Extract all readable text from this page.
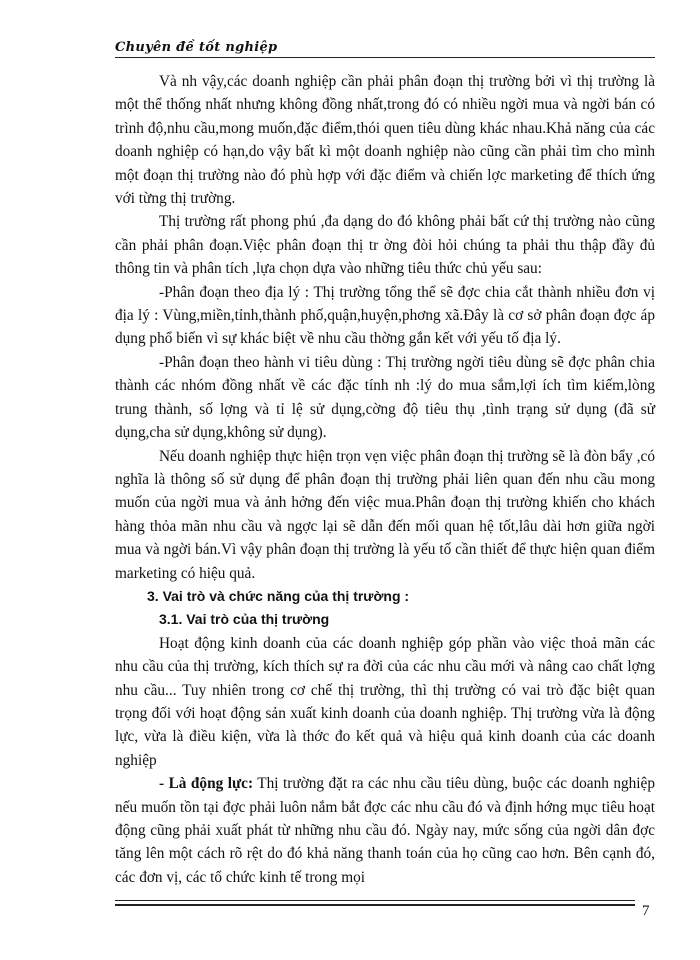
Chuyên đề tốt nghiệp

Và nh vậy,các doanh nghiệp cần phải phân đoạn thị trường bởi vì thị trường là một thể thống nhất nhưng không đồng nhất,trong đó có nhiều ngời mua và ngời bán có trình độ,nhu cầu,mong muốn,đặc điểm,thói quen tiêu dùng khác nhau.Khả năng của các doanh nghiệp có hạn,do vậy bất kì một doanh nghiệp nào cũng cần phải tìm cho mình một đoạn thị trường nào đó phù hợp với đặc điểm và chiến lợc marketing để thích ứng với từng thị trường.

Thị trường rất phong phú ,đa dạng do đó không phải bất cứ thị trường nào cũng cần phải phân đoạn.Việc phân đoạn thị tr ờng đòi hỏi chúng ta phải thu thập đầy đủ thông tin và phân tích ,lựa chọn dựa vào những tiêu thức chủ yếu sau:

-Phân đoạn theo địa lý : Thị trường tổng thể sẽ đợc chia cắt thành nhiều đơn vị địa lý : Vùng,miền,tỉnh,thành phố,quận,huyện,phơng xã.Đây là cơ sở phân đoạn đợc áp dụng phổ biến vì sự khác biệt về nhu cầu thờng gắn kết với yếu tố địa lý.

-Phân đoạn theo hành vi tiêu dùng : Thị trường ngời tiêu dùng sẽ đợc phân chia thành các nhóm đồng nhất về các đặc tính nh :lý do mua sắm,lợi ích tìm kiếm,lòng trung thành, số lợng và tỉ lệ sử dụng,cờng độ tiêu thụ ,tình trạng sử dụng (đã sử dụng,cha sử dụng,không sử dụng).

Nếu doanh nghiệp thực hiện trọn vẹn việc phân đoạn thị trường sẽ là đòn bẩy ,có nghĩa là thông số sử dụng để phân đoạn thị trường phải liên quan đến nhu cầu mong muốn của ngời mua và ảnh hởng đến việc mua.Phân đoạn thị trường khiến cho khách hàng thỏa mãn nhu cầu và ngợc lại sẽ dẫn đến mối quan hệ tốt,lâu dài hơn giữa ngời mua và ngời bán.Vì vậy phân đoạn thị trường là yếu tố cần thiết để thực hiện quan điểm marketing có hiệu quả.

3. Vai trò và chức năng của thị trường :

3.1. Vai trò của thị trường

Hoạt động kinh doanh của các doanh nghiệp góp phần vào việc thoả mãn các nhu cầu của thị trường, kích thích sự ra đời của các nhu cầu mới và nâng cao chất lợng nhu cầu... Tuy nhiên trong cơ chế thị trường, thì thị trường có vai trò đặc biệt quan trọng đối với hoạt động sản xuất kinh doanh của doanh nghiệp. Thị trường vừa là động lực, vừa là điều kiện, vừa là thớc đo kết quả và hiệu quả kinh doanh của các doanh nghiệp

- Là động lực: Thị trường đặt ra các nhu cầu tiêu dùng, buộc các doanh nghiệp nếu muốn tồn tại đợc phải luôn nắm bắt đợc các nhu cầu đó và định hớng mục tiêu hoạt động cũng phải xuất phát từ những nhu cầu đó. Ngày nay, mức sống của ngời dân đợc tăng lên một cách rõ rệt do đó khả năng thanh toán của họ cũng cao hơn. Bên cạnh đó, các đơn vị, các tổ chức kinh tế trong mọi

7
